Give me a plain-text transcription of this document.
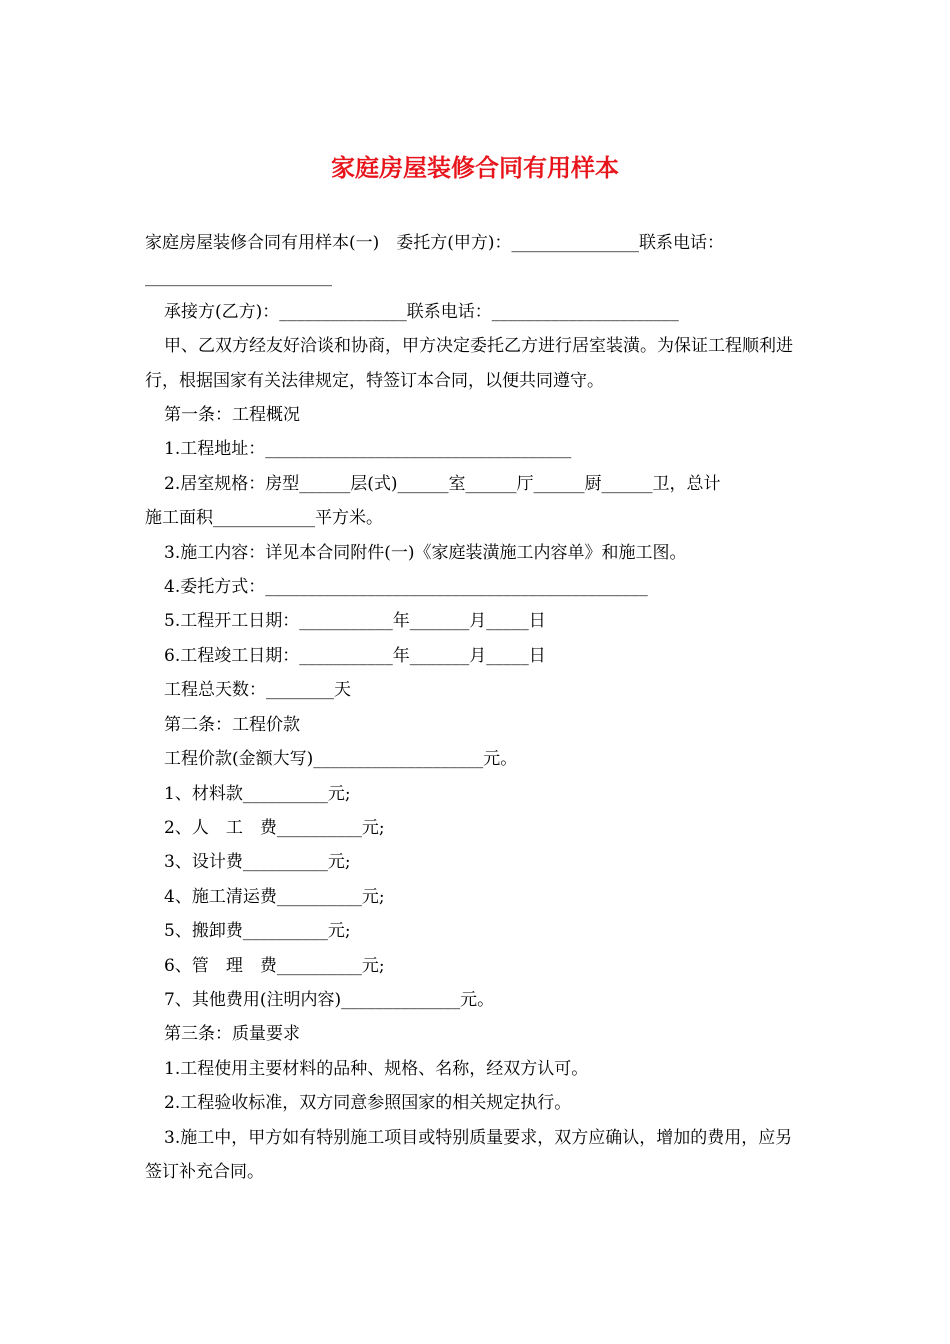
家庭房屋装修合同有用样本

家庭房屋装修合同有用样本(一)　委托方(甲方)：_______________联系电话：

______________________

承接方(乙方)：_______________联系电话：______________________

甲、乙双方经友好洽谈和协商，甲方决定委托乙方进行居室装潢。为保证工程顺利进行，根据国家有关法律规定，特签订本合同，以便共同遵守。

第一条：工程概况

1.工程地址：____________________________________

2.居室规格：房型______层(式)______室______厅______厨______卫，总计

施工面积____________平方米。

3.施工内容：详见本合同附件(一)《家庭装潢施工内容单》和施工图。

4.委托方式：_____________________________________________

5.工程开工日期：___________年_______月_____日

6.工程竣工日期：___________年_______月_____日

工程总天数：________天

第二条：工程价款

工程价款(金额大写)____________________元。

1、材料款__________元;

2、人　工　费__________元;

3、设计费__________元;

4、施工清运费__________元;

5、搬卸费__________元;

6、管　理　费__________元;

7、其他费用(注明内容)______________元。

第三条：质量要求

1.工程使用主要材料的品种、规格、名称，经双方认可。

2.工程验收标准，双方同意参照国家的相关规定执行。

3.施工中，甲方如有特别施工项目或特别质量要求，双方应确认，增加的费用，应另签订补充合同。
